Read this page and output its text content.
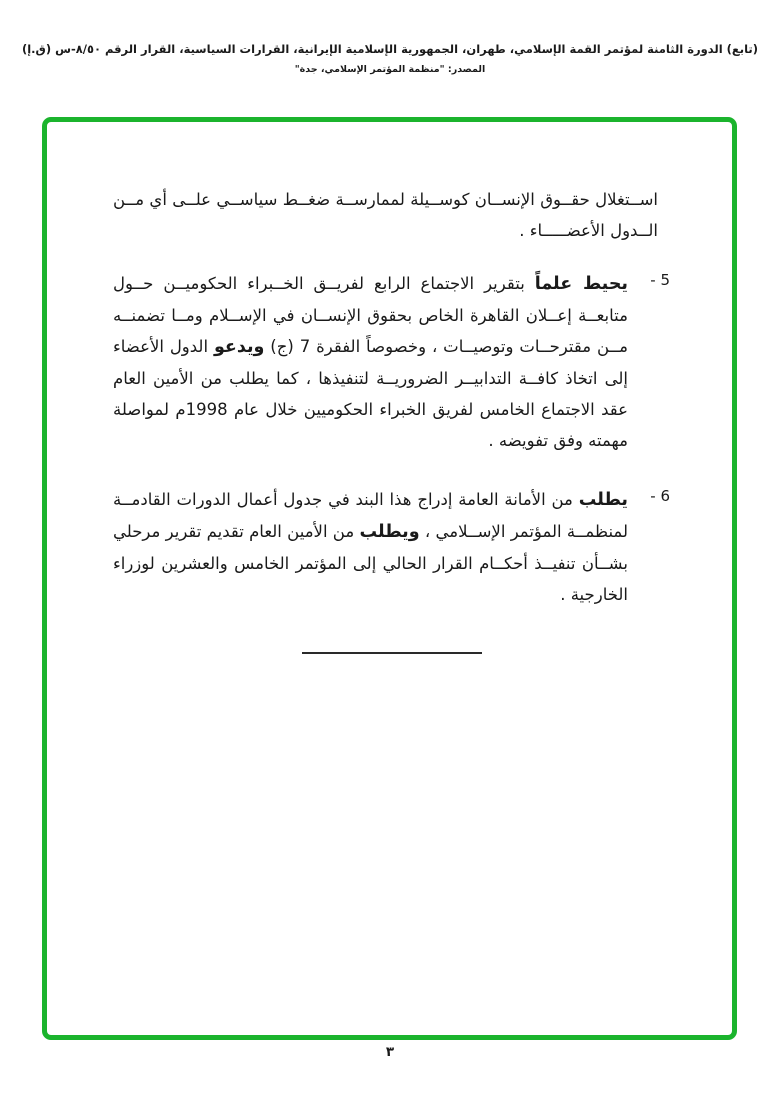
(تابع) الدورة الثامنة لمؤتمر القمة الإسلامي، طهران، الجمهورية الإسلامية الإيرانية، القرارات السياسية، القرار الرقم ٨/٥٠-س (ق.إ)
المصدر: "منظمة المؤتمر الإسلامي، جدة"

اســتغلال حقــوق الإنســان كوســيلة لممارســة ضغــط سياســي علــى أي مــن الــدول الأعضـــــاء .

5 -
يحيط علماً بتقرير الاجتماع الرابع لفريــق الخــبراء الحكوميــن حــول متابعــة إعــلان القاهرة الخاص بحقوق الإنســان في الإســلام ومــا تضمنــه مــن مقترحــات وتوصيــات ، وخصوصاً الفقرة 7 (ج) ويدعو الدول الأعضاء إلى اتخاذ كافــة التدابيــر الضروريــة لتنفيذها ، كما يطلب من الأمين العام عقد الاجتماع الخامس لفريق الخبراء الحكوميين خلال عام 1998م لمواصلة مهمته وفق تفويضه .
6 -
يطلب من الأمانة العامة إدراج هذا البند في جدول أعمال الدورات القادمــة لمنظمــة المؤتمر الإســلامي ، ويطلب من الأمين العام تقديم تقرير مرحلي بشــأن تنفيــذ أحكــام القرار الحالي إلى المؤتمر الخامس والعشرين لوزراء الخارجية .
٣
